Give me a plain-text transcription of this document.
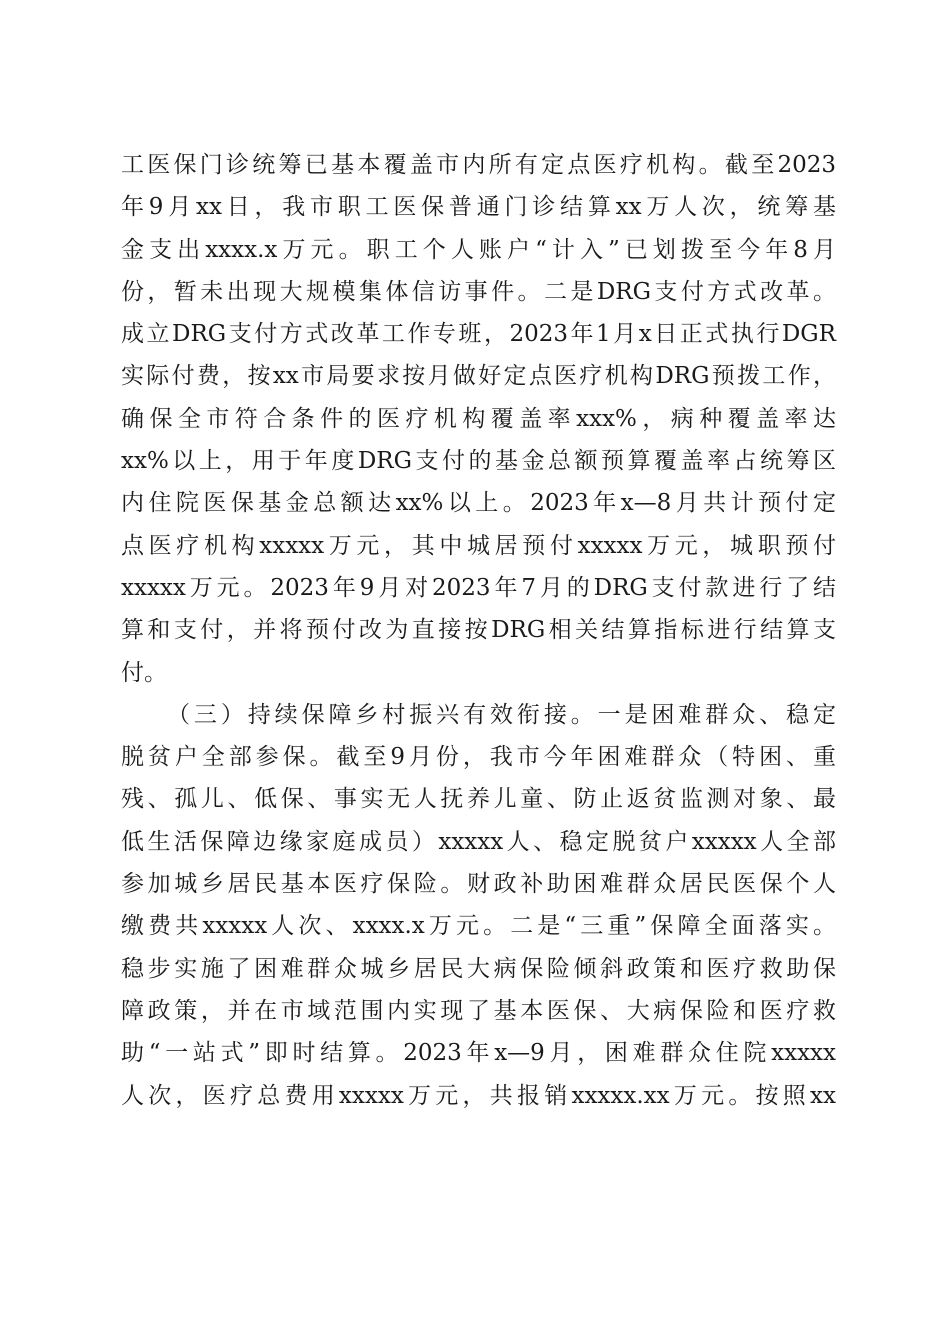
工医保门诊统筹已基本覆盖市内所有定点医疗机构。截至2023
年9月xx日，我市职工医保普通门诊结算xx万人次，统筹基
金支出xxxx.x万元。职工个人账户“计入”已划拨至今年8月
份，暂未出现大规模集体信访事件。二是DRG支付方式改革。
成立DRG支付方式改革工作专班，2023年1月x日正式执行DGR
实际付费，按xx市局要求按月做好定点医疗机构DRG预拨工作，
确保全市符合条件的医疗机构覆盖率xxx%，病种覆盖率达
xx%以上，用于年度DRG支付的基金总额预算覆盖率占统筹区
内住院医保基金总额达xx%以上。2023年x—8月共计预付定
点医疗机构xxxxx万元，其中城居预付xxxxx万元，城职预付
xxxxx万元。2023年9月对2023年7月的DRG支付款进行了结
算和支付，并将预付改为直接按DRG相关结算指标进行结算支
付。
（三）持续保障乡村振兴有效衔接。一是困难群众、稳定
脱贫户全部参保。截至9月份，我市今年困难群众（特困、重
残、孤儿、低保、事实无人抚养儿童、防止返贫监测对象、最
低生活保障边缘家庭成员）xxxxx人、稳定脱贫户xxxxx人全部
参加城乡居民基本医疗保险。财政补助困难群众居民医保个人
缴费共xxxxx人次、xxxx.x万元。二是“三重”保障全面落实。
稳步实施了困难群众城乡居民大病保险倾斜政策和医疗救助保
障政策，并在市域范围内实现了基本医保、大病保险和医疗救
助“一站式”即时结算。2023年x—9月，困难群众住院xxxxx
人次，医疗总费用xxxxx万元，共报销xxxxx.xx万元。按照xx
